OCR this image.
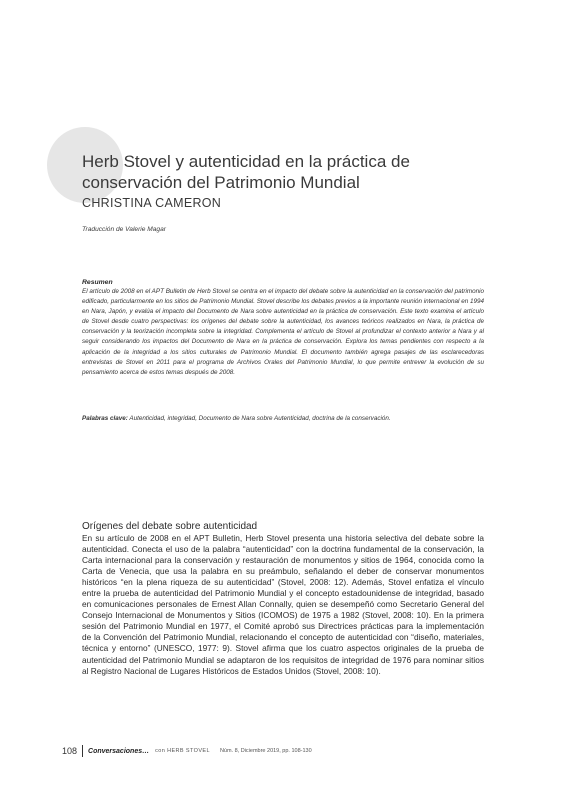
Herb Stovel y autenticidad en la práctica de conservación del Patrimonio Mundial
CHRISTINA CAMERON
Traducción de Valerie Magar
Resumen

El artículo de 2008 en el APT Bulletin de Herb Stovel se centra en el impacto del debate sobre la autenticidad en la conservación del patrimonio edificado, particularmente en los sitios de Patrimonio Mundial. Stovel describe los debates previos a la importante reunión internacional en 1994 en Nara, Japón, y evalúa el impacto del Documento de Nara sobre autenticidad en la práctica de conservación. Este texto examina el artículo de Stovel desde cuatro perspectivas: los orígenes del debate sobre la autenticidad, los avances teóricos realizados en Nara, la práctica de conservación y la teorización incompleta sobre la integridad. Complementa el artículo de Stovel al profundizar el contexto anterior a Nara y al seguir considerando los impactos del Documento de Nara en la práctica de conservación. Explora los temas pendientes con respecto a la aplicación de la integridad a los sitios culturales de Patrimonio Mundial. El documento también agrega pasajes de las esclarecedoras entrevistas de Stovel en 2011 para el programa de Archivos Orales del Patrimonio Mundial, lo que permite entrever la evolución de su pensamiento acerca de estos temas después de 2008.

Palabras clave: Autenticidad, integridad, Documento de Nara sobre Autenticidad, doctrina de la conservación.
Orígenes del debate sobre autenticidad

En su artículo de 2008 en el APT Bulletin, Herb Stovel presenta una historia selectiva del debate sobre la autenticidad. Conecta el uso de la palabra “autenticidad” con la doctrina fundamental de la conservación, la Carta internacional para la conservación y restauración de monumentos y sitios de 1964, conocida como la Carta de Venecia, que usa la palabra en su preámbulo, señalando el deber de conservar monumentos históricos “en la plena riqueza de su autenticidad” (Stovel, 2008: 12). Además, Stovel enfatiza el vínculo entre la prueba de autenticidad del Patrimonio Mundial y el concepto estadounidense de integridad, basado en comunicaciones personales de Ernest Allan Connally, quien se desempeñó como Secretario General del Consejo Internacional de Monumentos y Sitios (ICOMOS) de 1975 a 1982 (Stovel, 2008: 10). En la primera sesión del Patrimonio Mundial en 1977, el Comité aprobó sus Directrices prácticas para la implementación de la Convención del Patrimonio Mundial, relacionando el concepto de autenticidad con “diseño, materiales, técnica y entorno” (UNESCO, 1977: 9). Stovel afirma que los cuatro aspectos originales de la prueba de autenticidad del Patrimonio Mundial se adaptaron de los requisitos de integridad de 1976 para nominar sitios al Registro Nacional de Lugares Históricos de Estados Unidos (Stovel, 2008: 10).

108 Conversaciones… con HERB STOVEL Núm. 8, Diciembre 2019, pp. 108-130
